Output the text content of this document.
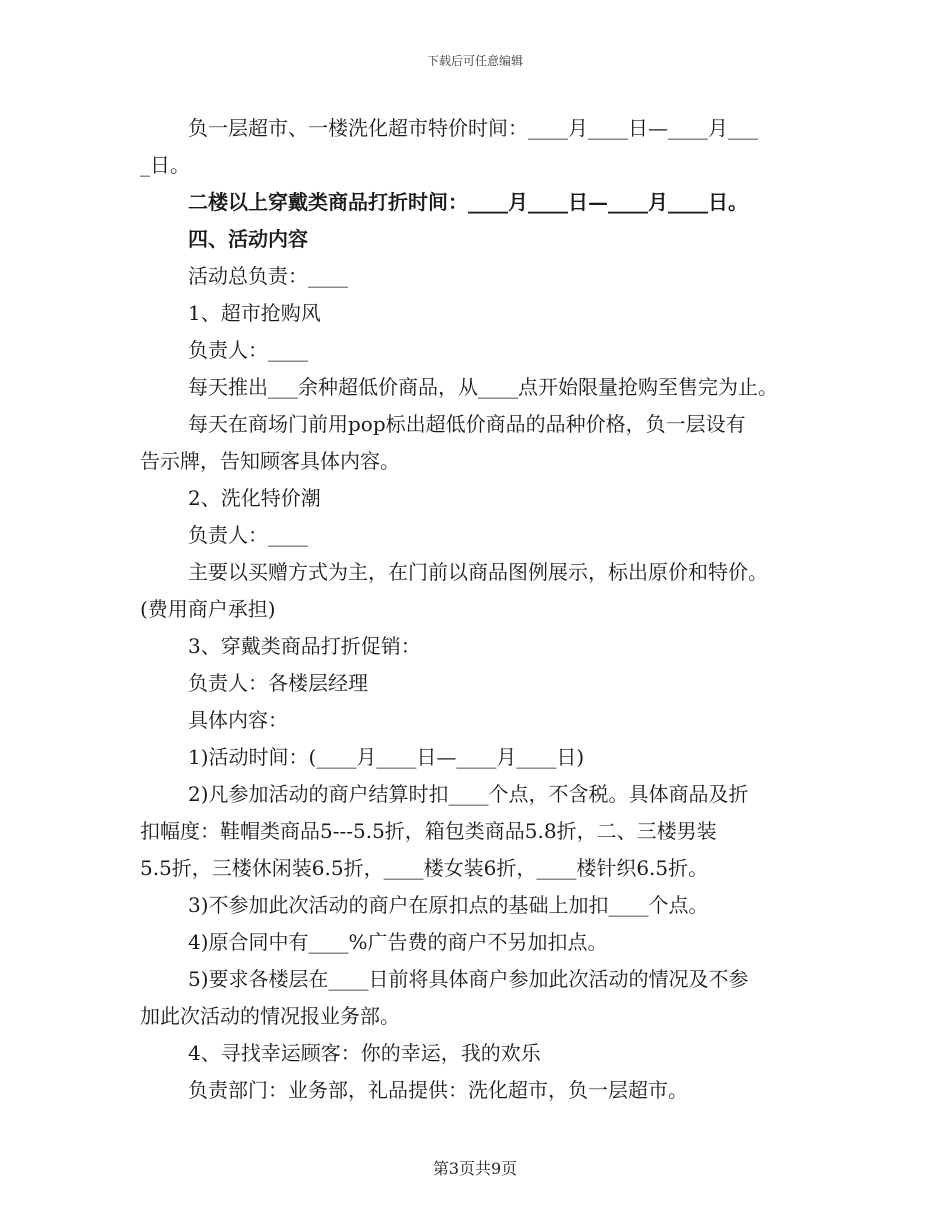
下载后可任意编辑
负一层超市、一楼洗化超市特价时间：____月____日—____月___
_日。
二楼以上穿戴类商品打折时间：____月____日—____月____日。
四、活动内容
活动总负责：____
1、超市抢购风
负责人：____
每天推出___余种超低价商品，从____点开始限量抢购至售完为止。
每天在商场门前用pop标出超低价商品的品种价格，负一层设有
告示牌，告知顾客具体内容。
2、洗化特价潮
负责人：____
主要以买赠方式为主，在门前以商品图例展示，标出原价和特价。
(费用商户承担)
3、穿戴类商品打折促销：
负责人：各楼层经理
具体内容：
1)活动时间：(____月____日—____月____日)
2)凡参加活动的商户结算时扣____个点，不含税。具体商品及折
扣幅度：鞋帽类商品5---5.5折，箱包类商品5.8折，二、三楼男装
5.5折，三楼休闲装6.5折，____楼女装6折，____楼针织6.5折。
3)不参加此次活动的商户在原扣点的基础上加扣____个点。
4)原合同中有____%广告费的商户不另加扣点。
5)要求各楼层在____日前将具体商户参加此次活动的情况及不参
加此次活动的情况报业务部。
4、寻找幸运顾客：你的幸运，我的欢乐
负责部门：业务部，礼品提供：洗化超市，负一层超市。
第3页共9页
